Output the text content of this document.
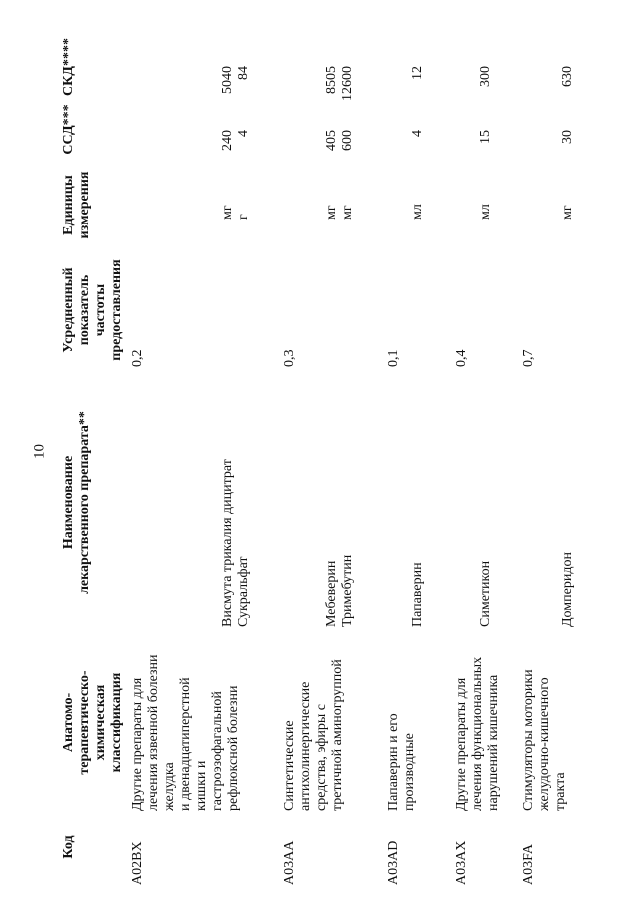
10
Код
Анатомо- терапевтическо- химическая классификация
Наименование лекарственного препарата**
Усредненный показатель частоты предоставления
Единицы измерения
ССД***
СКД****
A02BX
Другие препараты для лечения язвенной болезни желудка и двенадцатиперстной кишки и гастроэзофагальной рефлюксной болезни
0,2
Висмута трикалия дицитрат
мг
240
5040
Сукральфат
г
4
84
A03AA
Синтетические антихолинергические средства, эфиры с третичной аминогруппой
0,3
Мебеверин
мг
405
8505
Тримебутин
мг
600
12600
A03AD
Папаверин и его производные
0,1
Папаверин
мл
4
12
A03AX
Другие препараты для лечения функциональных нарушений кишечника
0,4
Симетикон
мл
15
300
A03FA
Стимуляторы моторики желудочно-кишечного тракта
0,7
Домперидон
мг
30
630
